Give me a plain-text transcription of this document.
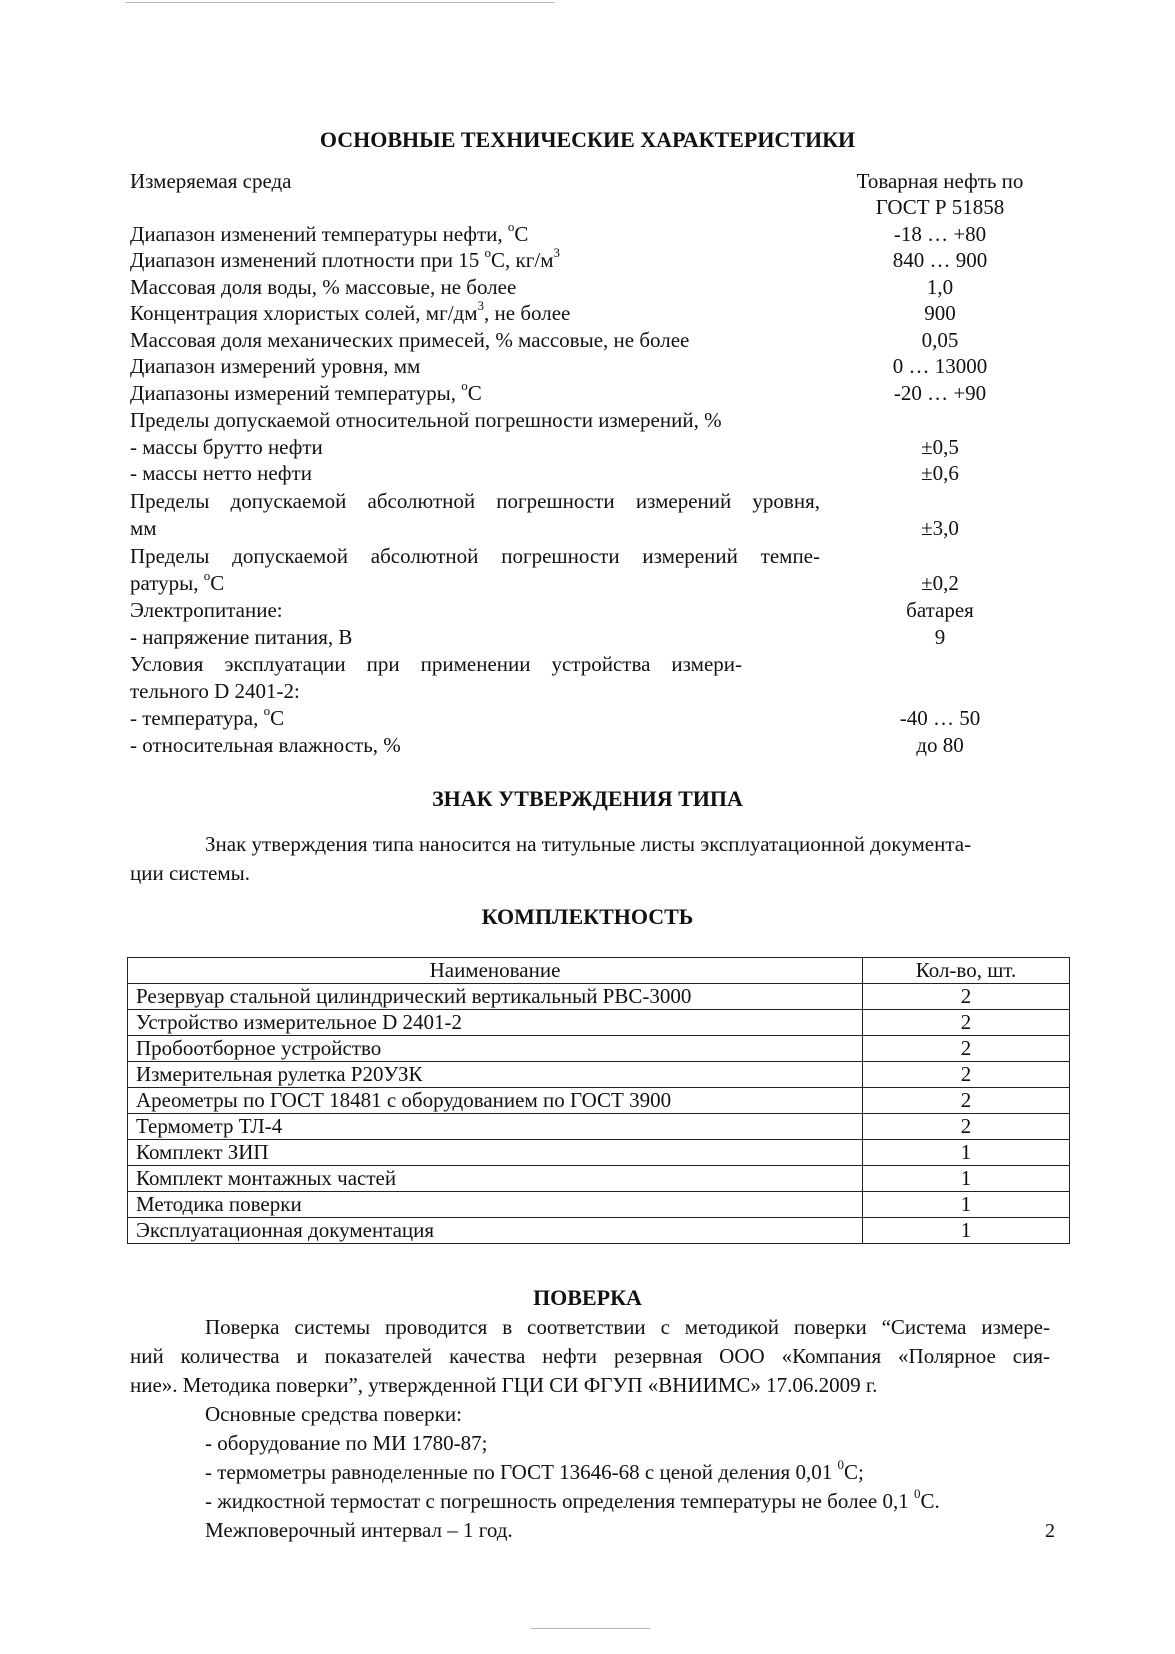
ОСНОВНЫЕ ТЕХНИЧЕСКИЕ ХАРАКТЕРИСТИКИ
Измеряемая среда	Товарная нефть по
ГОСТ Р 51858
Диапазон изменений температуры нефти, $^о$С	-18 … +80
Диапазон изменений плотности при 15 $^о$С, $кг/м^3$	840 … 900
Массовая доля воды, % массовые, не более	1,0
Концентрация хлористых солей, $мг/дм^3$, не более	900
Массовая доля механических примесей, % массовые, не более	0,05
Диапазон измерений уровня, мм	0 … 13000
Диапазоны измерений температуры, $^о$С	-20 … +90
Пределы допускаемой относительной погрешности измерений, %
- массы брутто нефти	±0,5
- массы нетто нефти	±0,6
Пределы допускаемой абсолютной погрешности измерений уровня,
мм	±3,0
Пределы допускаемой абсолютной погрешности измерений темпе-
ратуры, $^о$С	±0,2
Электропитание:	батарея
- напряжение питания, В	9
Условия эксплуатации при применении устройства измери-
тельного D 2401-2:
- температура, $^о$С	-40 … 50
- относительная влажность, %	до 80
ЗНАК УТВЕРЖДЕНИЯ ТИПА
Знак утверждения типа наносится на титульные листы эксплуатационной документа-
ции системы.
КОМПЛЕКТНОСТЬ
Наименование	Кол-во, шт.
Резервуар стальной цилиндрический вертикальный РВС-3000	2
Устройство измерительное D 2401-2	2
Пробоотборное устройство	2
Измерительная рулетка Р20УЗК	2
Ареометры по ГОСТ 18481 с оборудованием по ГОСТ 3900	2
Термометр ТЛ-4	2
Комплект ЗИП	1
Комплект монтажных частей	1
Методика поверки	1
Эксплуатационная документация	1
ПОВЕРКА
Поверка системы проводится в соответствии с методикой поверки “Система измере-
ний количества и показателей качества нефти резервная ООО «Компания «Полярное сия-
ние». Методика поверки”, утвержденной ГЦИ СИ ФГУП «ВНИИМС» 17.06.2009 г.
Основные средства поверки:
- оборудование по МИ 1780-87;
- термометры равноделенные по ГОСТ 13646-68 с ценой деления 0,01 $^0$С;
- жидкостной термостат с погрешность определения температуры не более 0,1 $^0$С.
Межповерочный интервал – 1 год.	2
